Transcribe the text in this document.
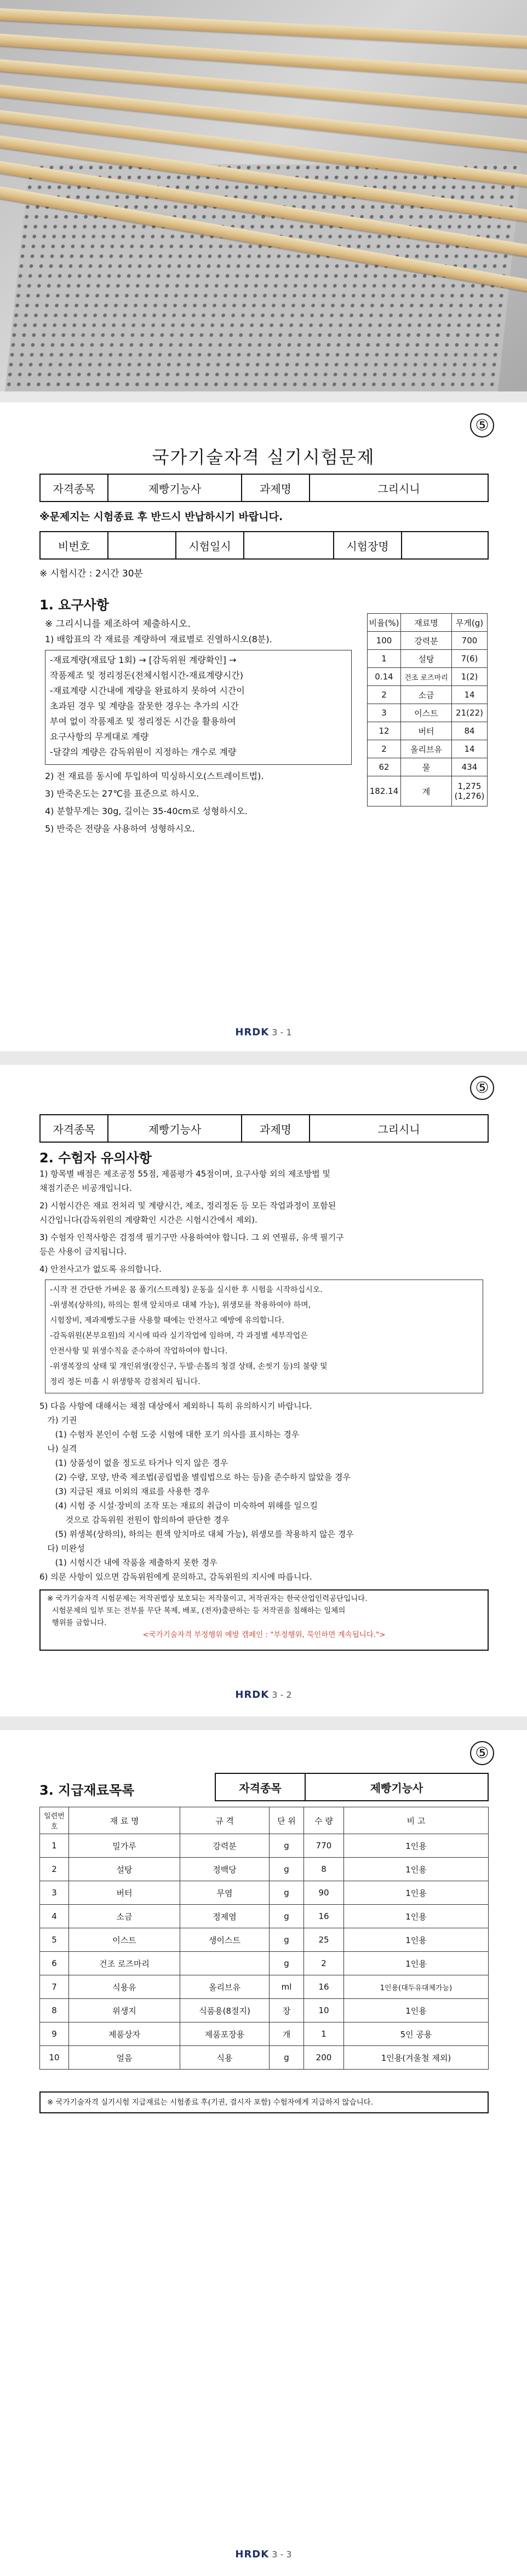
⑤
국가기술자격 실기시험문제
자격종목	제빵기능사	과제명	그리시니
※문제지는 시험종료 후 반드시 반납하시기 바랍니다.
비번호		시험일시		시험장명	
※ 시험시간 : 2시간 30분
1. 요구사항
※ 그리시니를 제조하여 제출하시오.
1) 배합표의 각 재료를 계량하여 재료별로 진열하시오(8분).
-재료계량(재료당 1회) → [감독위원 계량확인] →
작품제조 및 정리정돈(전체시험시간-재료계량시간)
-재료계량 시간내에 계량을 완료하지 못하여 시간이
초과된 경우 및 계량을 잘못한 경우는 추가의 시간
부여 없이 작품제조 및 정리정돈 시간을 활용하여
요구사항의 무게대로 계량
-달걀의 계량은 감독위원이 지정하는 개수로 계량
2) 전 재료를 동시에 투입하여 믹싱하시오(스트레이트법).
3) 반죽온도는 27℃를 표준으로 하시오.
4) 분할무게는 30g, 길이는 35-40cm로 성형하시오.
5) 반죽은 전량을 사용하여 성형하시오.
비율(%)	재료명	무게(g)
100	강력분	700
1	설탕	7(6)
0.14	건조 로즈마리	1(2)
2	소금	14
3	이스트	21(22)
12	버터	84
2	올리브유	14
62	물	434
182.14	계	1,275
(1,276)
HRDK 3 - 1
⑤
자격종목	제빵기능사	과제명	그리시니
2. 수험자 유의사항
1) 항목별 배점은 제조공정 55점, 제품평가 45점이며, 요구사항 외의 제조방법 및
채점기준은 비공개입니다.
2) 시험시간은 재료 전처리 및 계량시간, 제조, 정리정돈 등 모든 작업과정이 포함된
시간입니다(감독위원의 계량확인 시간은 시험시간에서 제외).
3) 수험자 인적사항은 검정색 필기구만 사용하여야 합니다. 그 외 연필류, 유색 필기구
등은 사용이 금지됩니다.
4) 안전사고가 없도록 유의합니다.
-시작 전 간단한 가벼운 몸 풀기(스트레칭) 운동을 실시한 후 시험을 시작하십시오.
-위생복(상하의), 하의는 흰색 앞치마로 대체 가능), 위생모를 착용하여야 하며,
시험장비, 제과제빵도구를 사용할 때에는 안전사고 예방에 유의합니다.
-감독위원(본부요원)의 지시에 따라 실기작업에 임하며, 각 과정별 세부작업은
안전사항 및 위생수칙을 준수하여 작업하여야 합니다.
-위생복장의 상태 및 개인위생(장신구, 두발·손톱의 청결 상태, 손씻기 등)의 불량 및
정리 정돈 미흡 시 위생항목 감점처리 됩니다.
5) 다음 사항에 대해서는 채점 대상에서 제외하니 특히 유의하시기 바랍니다.
가) 기권
(1) 수험자 본인이 수험 도중 시험에 대한 포기 의사를 표시하는 경우
나) 실격
(1) 상품성이 없을 정도로 타거나 익지 않은 경우
(2) 수량, 모양, 반죽 제조법(공립법을 별립법으로 하는 등)을 준수하지 않았을 경우
(3) 지급된 재료 이외의 재료를 사용한 경우
(4) 시험 중 시설·장비의 조작 또는 재료의 취급이 미숙하여 위해를 일으킬
것으로 감독위원 전원이 합의하여 판단한 경우
(5) 위생복(상하의), 하의는 흰색 앞치마로 대체 가능), 위생모를 착용하지 않은 경우
다) 미완성
(1) 시험시간 내에 작품을 제출하지 못한 경우
6) 의문 사항이 있으면 감독위원에게 문의하고, 감독위원의 지시에 따릅니다.
※ 국가기술자격 시험문제는 저작권법상 보호되는 저작물이고, 저작권자는 한국산업인력공단입니다.
시험문제의 일부 또는 전부를 무단 복제, 배포, (전자)출판하는 등 저작권을 침해하는 일체의
행위를 금합니다.
<국가기술자격 부정행위 예방 캠페인 : "부정행위, 묵인하면 계속됩니다.">
HRDK 3 - 2
⑤
3. 지급재료목록	자격종목	제빵기능사
일련번호	재 료 명	규 격	단 위	수 량	비 고
1	밀가루	강력분	g	770	1인용
2	설탕	정백당	g	8	1인용
3	버터	무염	g	90	1인용
4	소금	정제염	g	16	1인용
5	이스트	생이스트	g	25	1인용
6	건조 로즈마리		g	2	1인용
7	식용유	올리브유	ml	16	1인용(대두유대체가능)
8	위생지	식품용(8절지)	장	10	1인용
9	제품상자	제품포장용	개	1	5인 공용
10	얼음	식용	g	200	1인용(겨울철 제외)
※ 국가기술자격 실기시험 지급재료는 시험종료 후(기권, 결시자 포함) 수험자에게 지급하지 않습니다.
HRDK 3 - 3
